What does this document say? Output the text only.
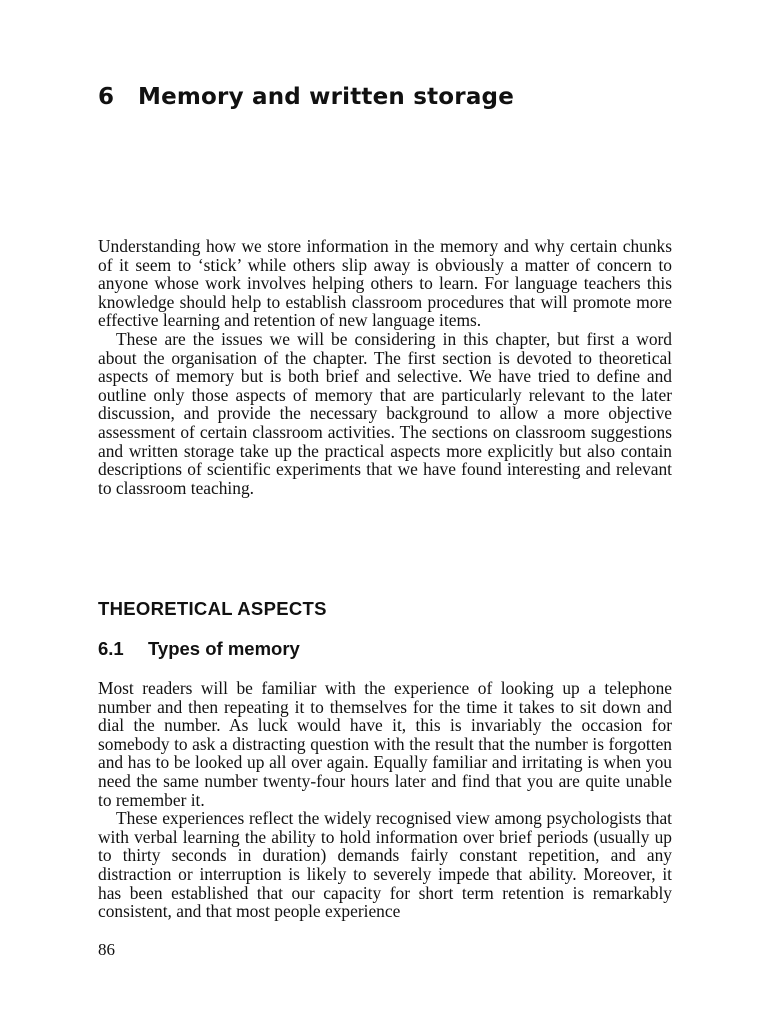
6 Memory and written storage

Understanding how we store information in the memory and why certain chunks of it seem to ‘stick’ while others slip away is obviously a matter of concern to anyone whose work involves helping others to learn. For language teachers this knowledge should help to establish classroom procedures that will promote more effective learning and retention of new language items.

These are the issues we will be considering in this chapter, but first a word about the organisation of the chapter. The first section is devoted to theoretical aspects of memory but is both brief and selective. We have tried to define and outline only those aspects of memory that are particularly relevant to the later discussion, and provide the necessary background to allow a more objective assessment of certain classroom activities. The sections on classroom suggestions and written storage take up the practical aspects more explicitly but also contain descriptions of scientific experiments that we have found interesting and relevant to classroom teaching.

THEORETICAL ASPECTS
6.1 Types of memory

Most readers will be familiar with the experience of looking up a telephone number and then repeating it to themselves for the time it takes to sit down and dial the number. As luck would have it, this is invariably the occasion for somebody to ask a distracting question with the result that the number is forgotten and has to be looked up all over again. Equally familiar and irritating is when you need the same number twenty-four hours later and find that you are quite unable to remember it.

These experiences reflect the widely recognised view among psychologists that with verbal learning the ability to hold information over brief periods (usually up to thirty seconds in duration) demands fairly constant repetition, and any distraction or interruption is likely to severely impede that ability. Moreover, it has been established that our capacity for short term retention is remarkably consistent, and that most people experience

86
